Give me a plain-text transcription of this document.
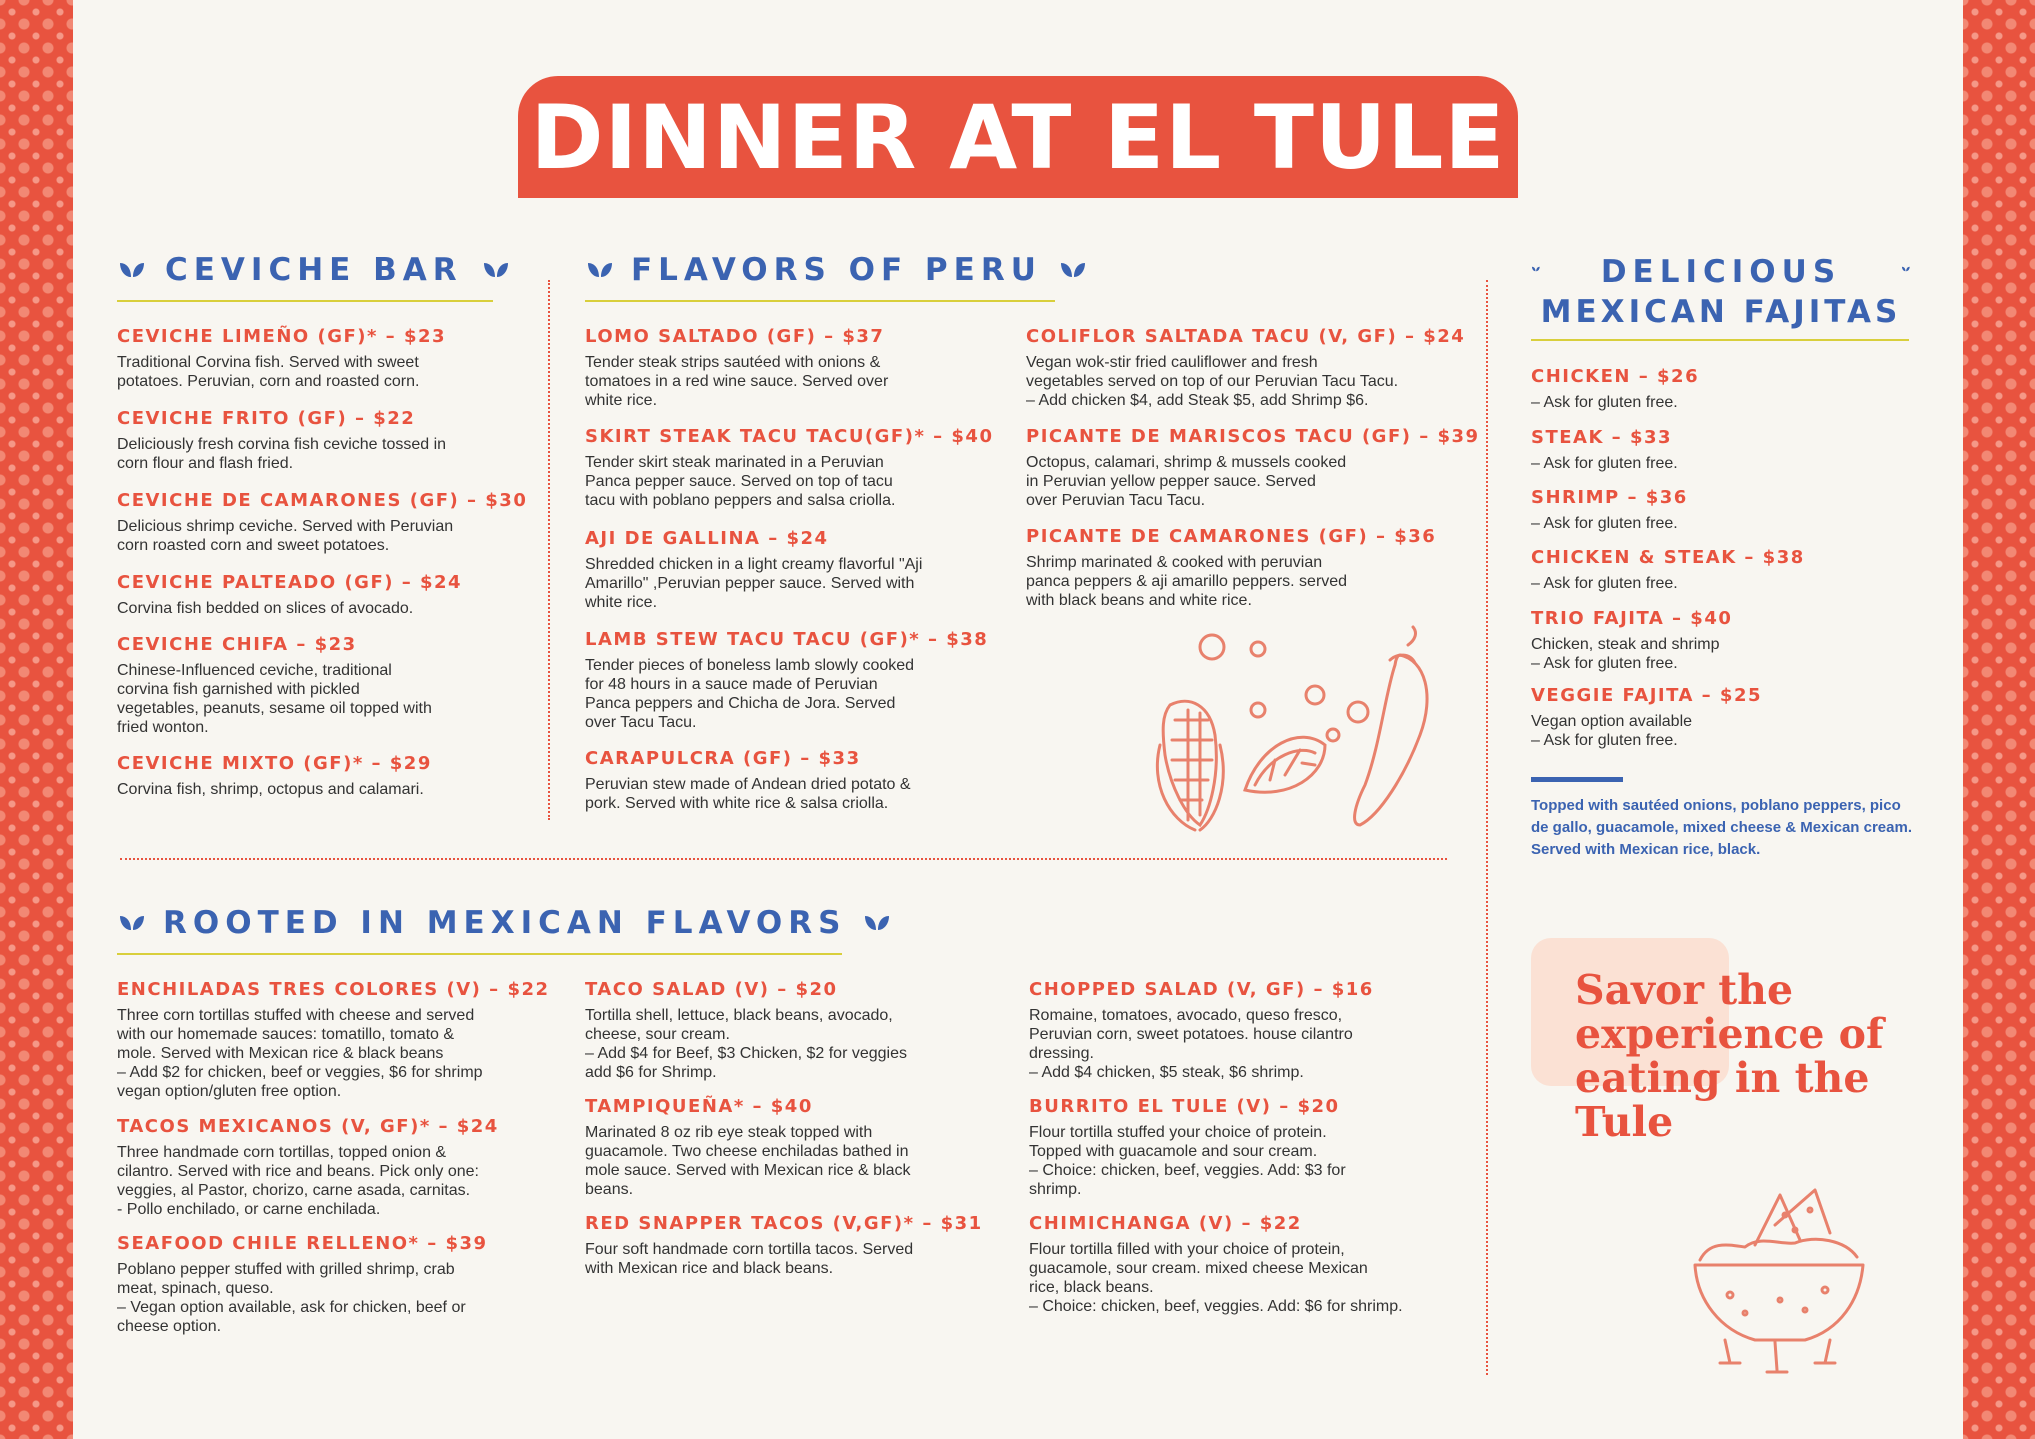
DINNER AT EL TULE
CEVICHE BAR	FLAVORS OF PERU	DELICIOUS
MEXICAN FAJITAS
ROOTED IN MEXICAN FLAVORS
CEVICHE LIMEÑO (GF)* – $23
Traditional Corvina fish. Served with sweet
potatoes. Peruvian, corn and roasted corn.
CEVICHE FRITO (GF) – $22
Deliciously fresh corvina fish ceviche tossed in
corn flour and flash fried.
CEVICHE DE CAMARONES (GF) – $30
Delicious shrimp ceviche. Served with Peruvian
corn roasted corn and sweet potatoes.
CEVICHE PALTEADO (GF) – $24
Corvina fish bedded on slices of avocado.
CEVICHE CHIFA – $23
Chinese-Influenced ceviche, traditional
corvina fish garnished with pickled
vegetables, peanuts, sesame oil topped with
fried wonton.
CEVICHE MIXTO (GF)* – $29
Corvina fish, shrimp, octopus and calamari.
LOMO SALTADO (GF) – $37
Tender steak strips sautéed with onions &
tomatoes in a red wine sauce. Served over
white rice.
SKIRT STEAK TACU TACU(GF)* – $40
Tender skirt steak marinated in a Peruvian
Panca pepper sauce. Served on top of tacu
tacu with poblano peppers and salsa criolla.
AJI DE GALLINA – $24
Shredded chicken in a light creamy flavorful "Aji
Amarillo" ,Peruvian pepper sauce. Served with
white rice.
LAMB STEW TACU TACU (GF)* – $38
Tender pieces of boneless lamb slowly cooked
for 48 hours in a sauce made of Peruvian
Panca peppers and Chicha de Jora. Served
over Tacu Tacu.
CARAPULCRA (GF) – $33
Peruvian stew made of Andean dried potato &
pork. Served with white rice & salsa criolla.
COLIFLOR SALTADA TACU (V, GF) – $24
Vegan wok-stir fried cauliflower and fresh
vegetables served on top of our Peruvian Tacu Tacu.
– Add chicken $4, add Steak $5, add Shrimp $6.
PICANTE DE MARISCOS TACU (GF) – $39
Octopus, calamari, shrimp & mussels cooked
in Peruvian yellow pepper sauce. Served
over Peruvian Tacu Tacu.
PICANTE DE CAMARONES (GF) – $36
Shrimp marinated & cooked with peruvian
panca peppers & aji amarillo peppers. served
with black beans and white rice.
CHICKEN – $26
– Ask for gluten free.
STEAK – $33
– Ask for gluten free.
SHRIMP – $36
– Ask for gluten free.
CHICKEN & STEAK – $38
– Ask for gluten free.
TRIO FAJITA – $40
Chicken, steak and shrimp
– Ask for gluten free.
VEGGIE FAJITA – $25
Vegan option available
– Ask for gluten free.
Topped with sautéed onions, poblano peppers, pico de gallo, guacamole, mixed cheese & Mexican cream. Served with Mexican rice, black.
ENCHILADAS TRES COLORES (V) – $22
Three corn tortillas stuffed with cheese and served
with our homemade sauces: tomatillo, tomato &
mole. Served with Mexican rice & black beans
– Add $2 for chicken, beef or veggies, $6 for shrimp
vegan option/gluten free option.
TACOS MEXICANOS (V, GF)* – $24
Three handmade corn tortillas, topped onion &
cilantro. Served with rice and beans. Pick only one:
veggies, al Pastor, chorizo, carne asada, carnitas.
- Pollo enchilado, or carne enchilada.
SEAFOOD CHILE RELLENO* – $39
Poblano pepper stuffed with grilled shrimp, crab
meat, spinach, queso.
– Vegan option available, ask for chicken, beef or
cheese option.
TACO SALAD (V) – $20
Tortilla shell, lettuce, black beans, avocado,
cheese, sour cream.
– Add $4 for Beef, $3 Chicken, $2 for veggies
add $6 for Shrimp.
TAMPIQUEÑA* – $40
Marinated 8 oz rib eye steak topped with
guacamole. Two cheese enchiladas bathed in
mole sauce. Served with Mexican rice & black
beans.
RED SNAPPER TACOS (V,GF)* – $31
Four soft handmade corn tortilla tacos. Served
with Mexican rice and black beans.
CHOPPED SALAD (V, GF) – $16
Romaine, tomatoes, avocado, queso fresco,
Peruvian corn, sweet potatoes. house cilantro
dressing.
– Add $4 chicken, $5 steak, $6 shrimp.
BURRITO EL TULE (V) – $20
Flour tortilla stuffed your choice of protein.
Topped with guacamole and sour cream.
– Choice: chicken, beef, veggies. Add: $3 for
shrimp.
CHIMICHANGA (V) – $22
Flour tortilla filled with your choice of protein,
guacamole, sour cream. mixed cheese Mexican
rice, black beans.
– Choice: chicken, beef, veggies. Add: $6 for shrimp.
Savor the experience of eating in the Tule
